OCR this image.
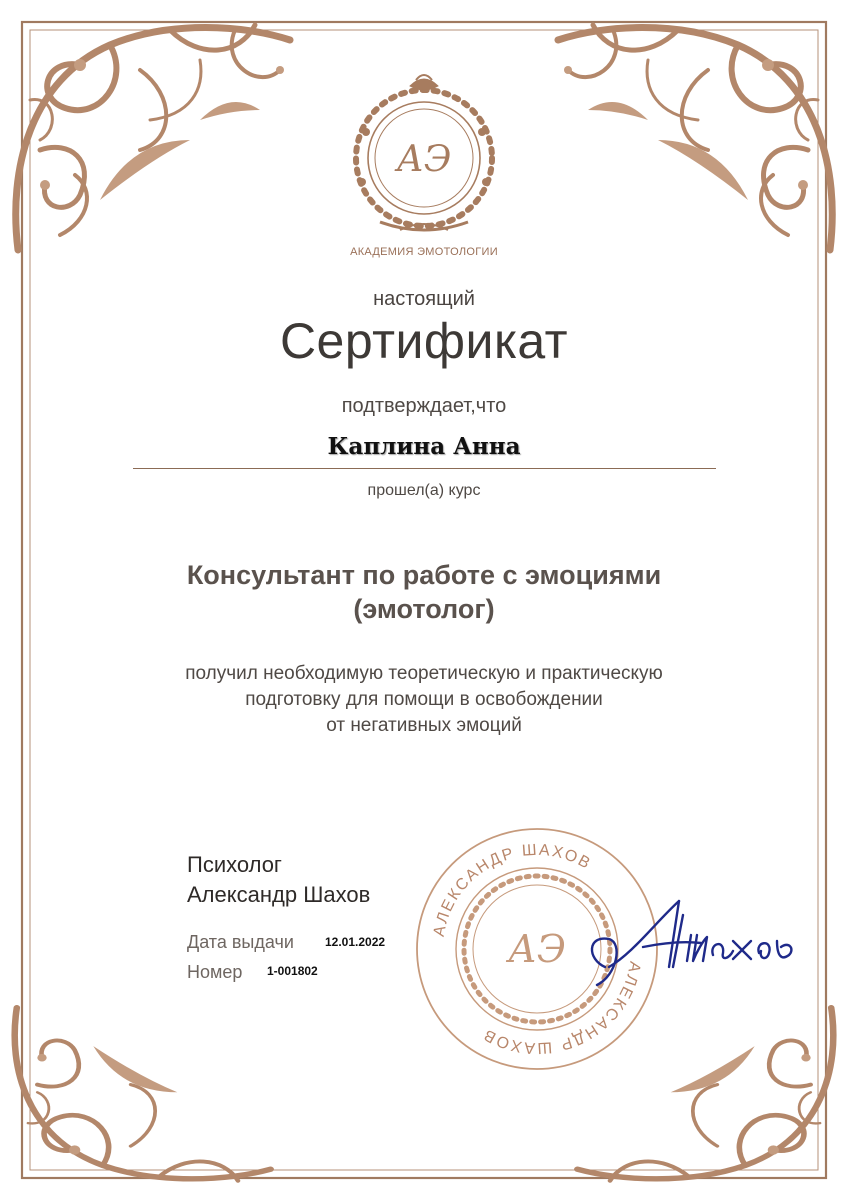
АЭ
АКАДЕМИЯ ЭМОТОЛОГИИ
настоящий
Сертификат
подтверждает,что
Каплина Анна
прошел(а) курс
Консультант по работе с эмоциями
(эмотолог)
получил необходимую теоретическую и практическую
подготовку для помощи в освобождении
от негативных эмоций
АЛЕКСАНДР ШАХОВ
АЛЕКСАНДР ШАХОВ
АЭ
Психолог
Александр Шахов
Дата выдачи	12.01.2022
Номер 1-001802
